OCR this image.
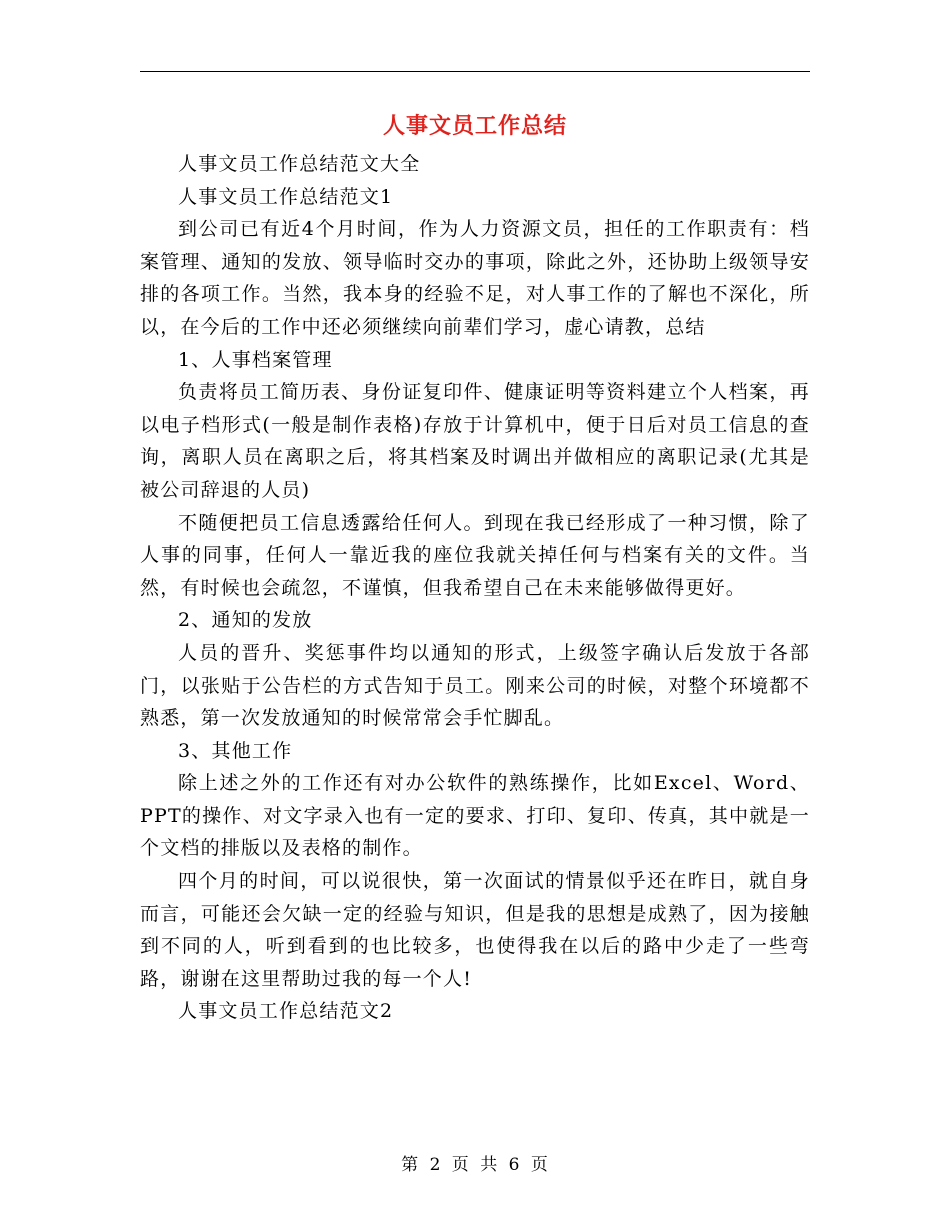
人事文员工作总结

人事文员工作总结范文大全

人事文员工作总结范文1

到公司已有近4个月时间，作为人力资源文员，担任的工作职责有：档案管理、通知的发放、领导临时交办的事项，除此之外，还协助上级领导安排的各项工作。当然，我本身的经验不足，对人事工作的了解也不深化，所以，在今后的工作中还必须继续向前辈们学习，虚心请教，总结

1、人事档案管理

负责将员工简历表、身份证复印件、健康证明等资料建立个人档案，再以电子档形式(一般是制作表格)存放于计算机中，便于日后对员工信息的查询，离职人员在离职之后，将其档案及时调出并做相应的离职记录(尤其是被公司辞退的人员)

不随便把员工信息透露给任何人。到现在我已经形成了一种习惯，除了人事的同事，任何人一靠近我的座位我就关掉任何与档案有关的文件。当然，有时候也会疏忽，不谨慎，但我希望自己在未来能够做得更好。

2、通知的发放

人员的晋升、奖惩事件均以通知的形式，上级签字确认后发放于各部门，以张贴于公告栏的方式告知于员工。刚来公司的时候，对整个环境都不熟悉，第一次发放通知的时候常常会手忙脚乱。

3、其他工作

除上述之外的工作还有对办公软件的熟练操作，比如Excel、Word、PPT的操作、对文字录入也有一定的要求、打印、复印、传真，其中就是一个文档的排版以及表格的制作。

四个月的时间，可以说很快，第一次面试的情景似乎还在昨日，就自身而言，可能还会欠缺一定的经验与知识，但是我的思想是成熟了，因为接触到不同的人，听到看到的也比较多，也使得我在以后的路中少走了一些弯路，谢谢在这里帮助过我的每一个人!

人事文员工作总结范文2

第 2 页 共 6 页
